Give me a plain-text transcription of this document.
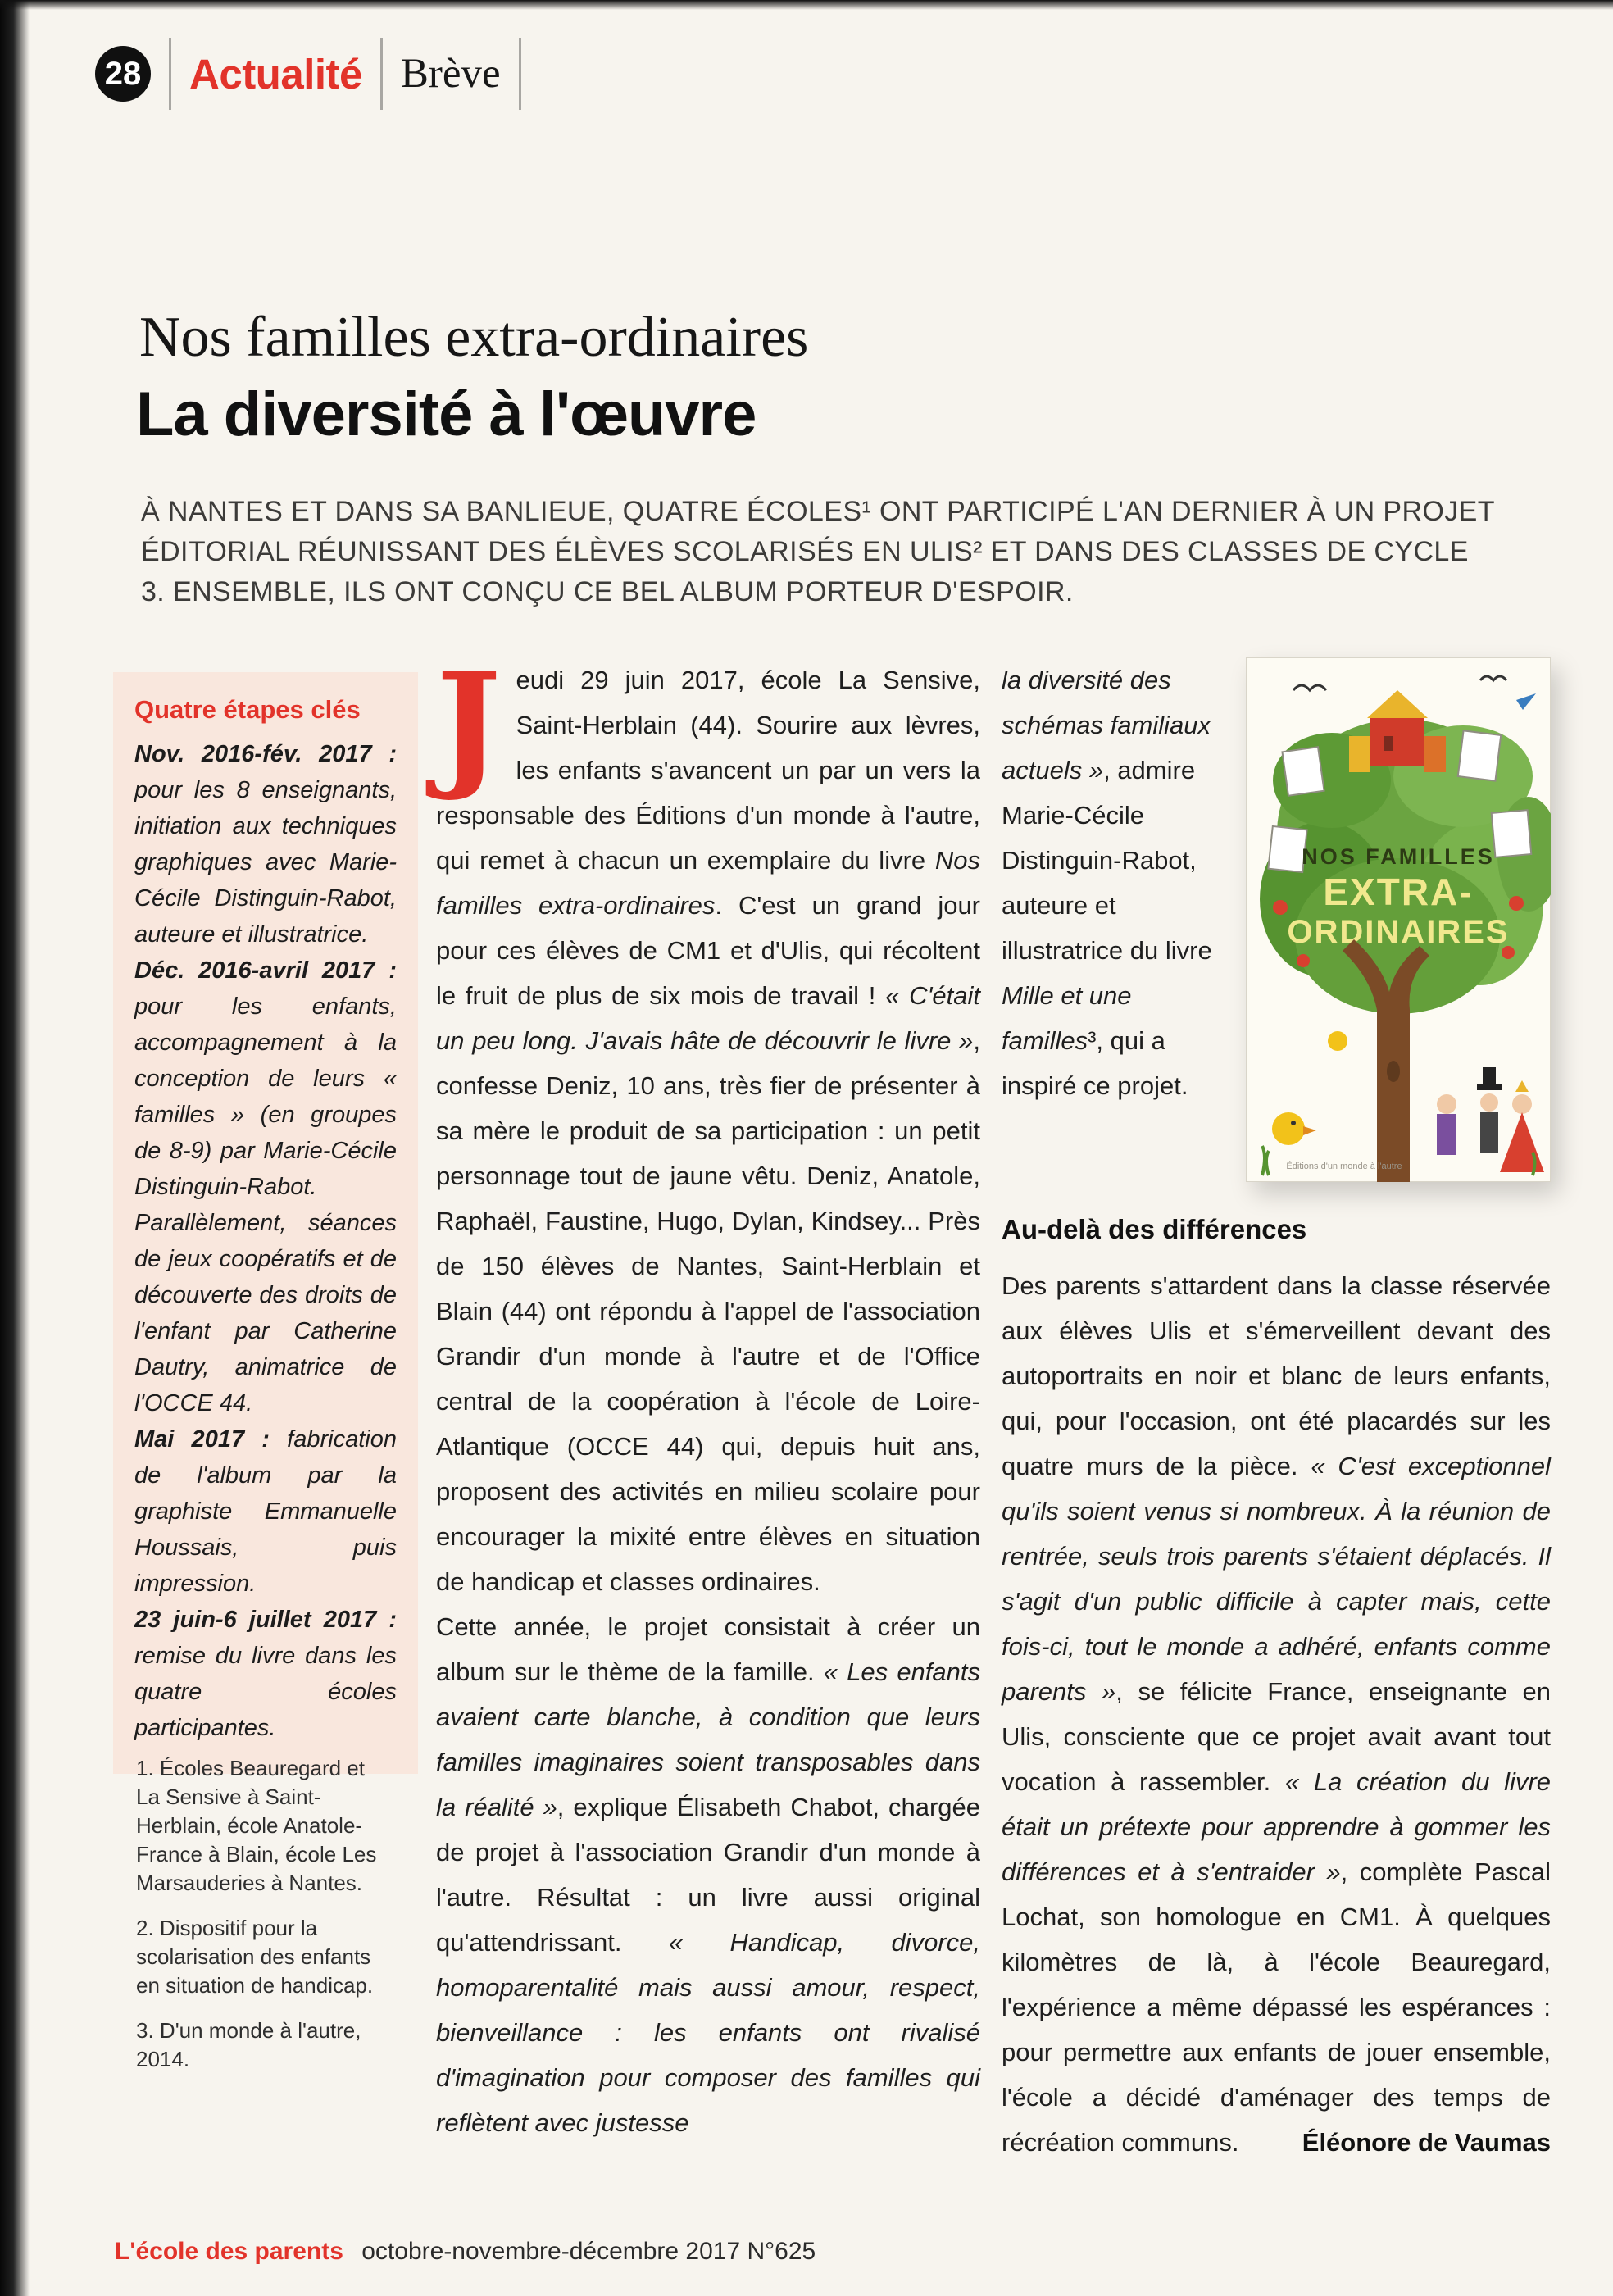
28 Actualité Brève
Nos familles extra-ordinaires
La diversité à l'œuvre

À NANTES ET DANS SA BANLIEUE, QUATRE ÉCOLES¹ ONT PARTICIPÉ L'AN DERNIER À UN PROJET ÉDITORIAL RÉUNISSANT DES ÉLÈVES SCOLARISÉS EN ULIS² ET DANS DES CLASSES DE CYCLE 3. ENSEMBLE, ILS ONT CONÇU CE BEL ALBUM PORTEUR D'ESPOIR.

Quatre étapes clés

Nov. 2016-fév. 2017 : pour les 8 enseignants, initiation aux techniques graphiques avec Marie-Cécile Distinguin-Rabot, auteure et illustratrice.

Déc. 2016-avril 2017 : pour les enfants, accompagnement à la conception de leurs « familles » (en groupes de 8-9) par Marie-Cécile Distinguin-Rabot. Parallèlement, séances de jeux coopératifs et de découverte des droits de l'enfant par Catherine Dautry, animatrice de l'OCCE 44.

Mai 2017 : fabrication de l'album par la graphiste Emmanuelle Houssais, puis impression.

23 juin-6 juillet 2017 : remise du livre dans les quatre écoles participantes.

1. Écoles Beauregard et La Sensive à Saint-Herblain, école Anatole-France à Blain, école Les Marsauderies à Nantes.

2. Dispositif pour la scolarisation des enfants en situation de handicap.

3. D'un monde à l'autre, 2014.

Jeudi 29 juin 2017, école La Sensive, Saint-Herblain (44). Sourire aux lèvres, les enfants s'avancent un par un vers la responsable des Éditions d'un monde à l'autre, qui remet à chacun un exemplaire du livre Nos familles extra-ordinaires. C'est un grand jour pour ces élèves de CM1 et d'Ulis, qui récoltent le fruit de plus de six mois de travail ! « C'était un peu long. J'avais hâte de découvrir le livre », confesse Deniz, 10 ans, très fier de présenter à sa mère le produit de sa participation : un petit personnage tout de jaune vêtu. Deniz, Anatole, Raphaël, Faustine, Hugo, Dylan, Kindsey... Près de 150 élèves de Nantes, Saint-Herblain et Blain (44) ont répondu à l'appel de l'association Grandir d'un monde à l'autre et de l'Office central de la coopération à l'école de Loire-Atlantique (OCCE 44) qui, depuis huit ans, proposent des activités en milieu scolaire pour encourager la mixité entre élèves en situation de handicap et classes ordinaires.

Cette année, le projet consistait à créer un album sur le thème de la famille. « Les enfants avaient carte blanche, à condition que leurs familles imaginaires soient transposables dans la réalité », explique Élisabeth Chabot, chargée de projet à l'association Grandir d'un monde à l'autre. Résultat : un livre aussi original qu'attendrissant. « Handicap, divorce, homoparentalité mais aussi amour, respect, bienveillance : les enfants ont rivalisé d'imagination pour composer des familles qui reflètent avec justesse

la diversité des schémas familiaux actuels », admire Marie-Cécile Distinguin-Rabot, auteure et illustratrice du livre Mille et une familles³, qui a inspiré ce projet.
NOS FAMILLES
EXTRA-
ORDINAIRES
Éditions d'un monde à l'autre
Au-delà des différences

Des parents s'attardent dans la classe réservée aux élèves Ulis et s'émerveillent devant des autoportraits en noir et blanc de leurs enfants, qui, pour l'occasion, ont été placardés sur les quatre murs de la pièce. « C'est exceptionnel qu'ils soient venus si nombreux. À la réunion de rentrée, seuls trois parents s'étaient déplacés. Il s'agit d'un public difficile à capter mais, cette fois-ci, tout le monde a adhéré, enfants comme parents », se félicite France, enseignante en Ulis, consciente que ce projet avait avant tout vocation à rassembler. « La création du livre était un prétexte pour apprendre à gommer les différences et à s'entraider », complète Pascal Lochat, son homologue en CM1. À quelques kilomètres de là, à l'école Beauregard, l'expérience a même dépassé les espérances : pour permettre aux enfants de jouer ensemble, l'école a décidé d'aménager des temps de récréation communs.	Éléonore de Vaumas
L'école des parents octobre-novembre-décembre 2017 N°625
